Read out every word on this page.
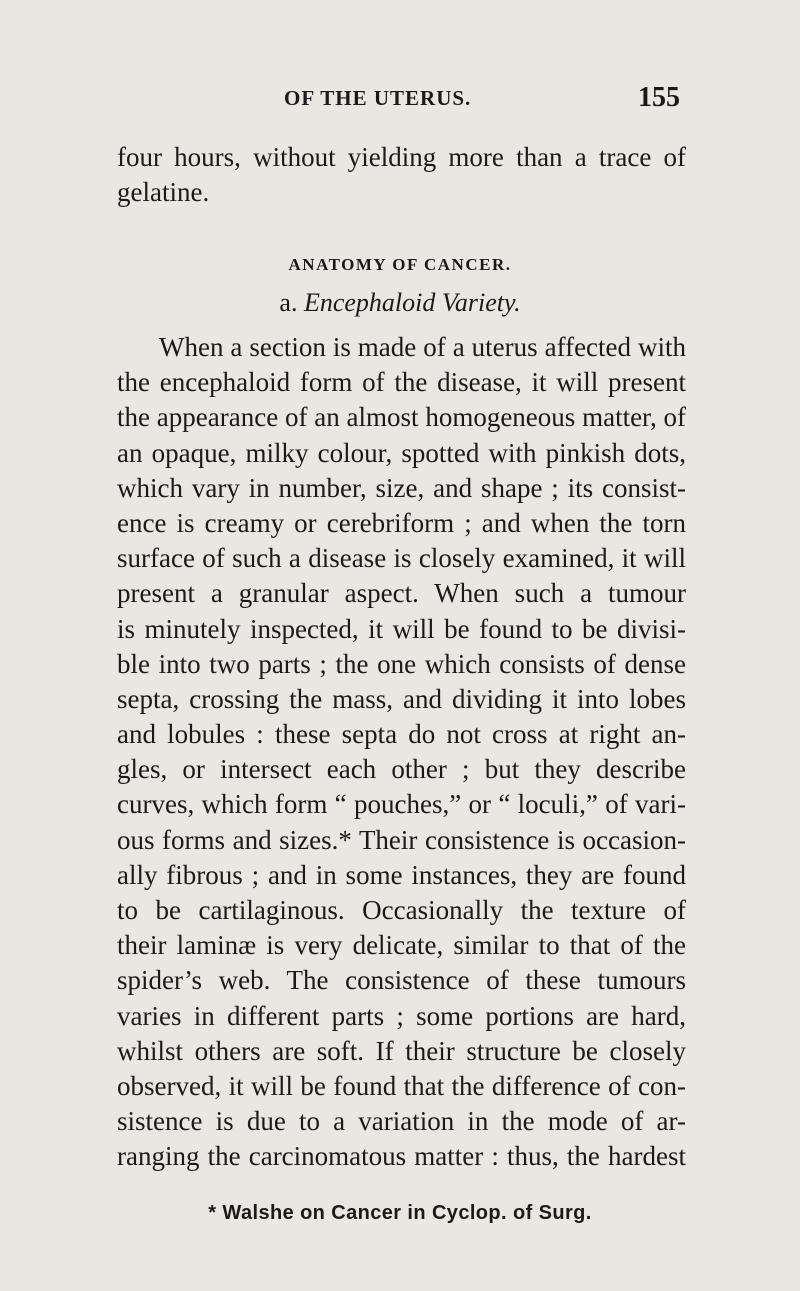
OF THE UTERUS.	155
four hours, without yielding more than a trace of
gelatine.
ANATOMY OF CANCER.
a. Encephaloid Variety.
When a section is made of a uterus affected with
the encephaloid form of the disease, it will present
the appearance of an almost homogeneous matter, of
an opaque, milky colour, spotted with pinkish dots,
which vary in number, size, and shape ; its consist-
ence is creamy or cerebriform ; and when the torn
surface of such a disease is closely examined, it will
present a granular aspect. When such a tumour
is minutely inspected, it will be found to be divisi-
ble into two parts ; the one which consists of dense
septa, crossing the mass, and dividing it into lobes
and lobules : these septa do not cross at right an-
gles, or intersect each other ; but they describe
curves, which form “ pouches,” or “ loculi,” of vari-
ous forms and sizes.* Their consistence is occasion-
ally fibrous ; and in some instances, they are found
to be cartilaginous. Occasionally the texture of
their laminæ is very delicate, similar to that of the
spider’s web. The consistence of these tumours
varies in different parts ; some portions are hard,
whilst others are soft. If their structure be closely
observed, it will be found that the difference of con-
sistence is due to a variation in the mode of ar-
ranging the carcinomatous matter : thus, the hardest
* Walshe on Cancer in Cyclop. of Surg.
